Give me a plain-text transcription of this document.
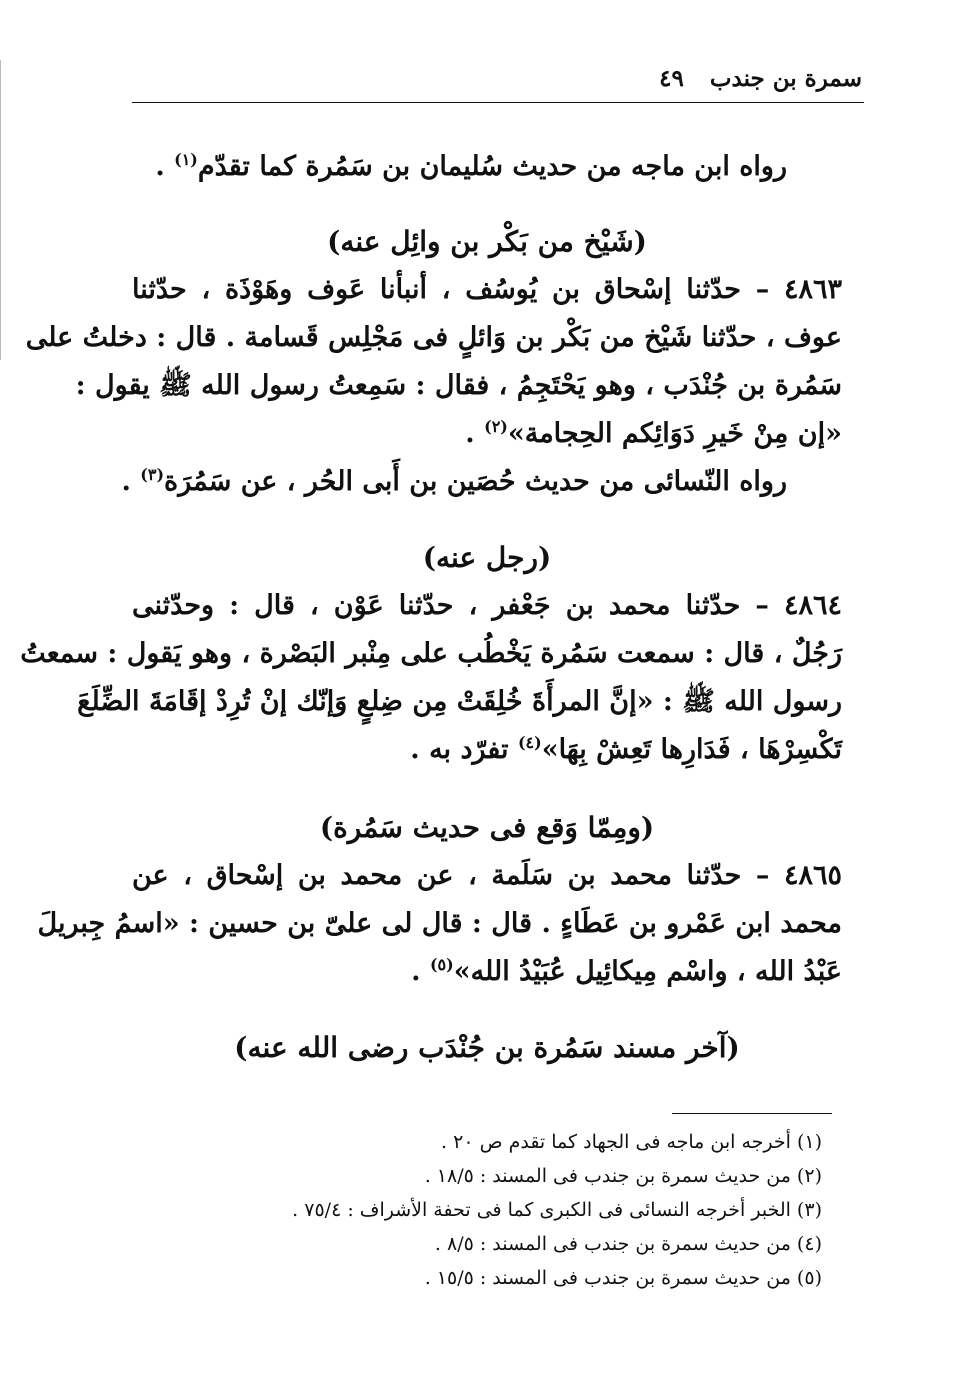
سمرة بن جندب
٤٩
رواه ابن ماجه من حديث سُليمان بن سَمُرة كما تقدّم$^{(١)}$ .
(شَيْخ من بَكْر بن وائِل عنه)
٤٨٦٣ – حدّثنا إسْحاق بن يُوسُف ، أنبأنا عَوف وهَوْذَة ، حدّثنا
عوف ، حدّثنا شَيْخ من بَكْر بن وَائلٍ فى مَجْلِس قَسامة . قال : دخلتُ على
سَمُرة بن جُنْدَب ، وهو يَحْتَجِمُ ، فقال : سَمِعتُ رسول الله ﷺ يقول :
«إن مِنْ خَيرِ دَوَائِكم الحِجامة»$^{(٢)}$ .
رواه النّسائى من حديث حُصَين بن أَبى الحُر ، عن سَمُرَة$^{(٣)}$ .
(رجل عنه)
٤٨٦٤ – حدّثنا محمد بن جَعْفر ، حدّثنا عَوْن ، قال : وحدّثنى
رَجُلٌ ، قال : سمعت سَمُرة يَخْطُب على مِنْبر البَصْرة ، وهو يَقول : سمعتُ
رسول الله ﷺ : «إنَّ المرأَةَ خُلِقَتْ مِن ضِلعٍ وَإنّك إنْ تُرِدْ إقَامَةَ الضِّلَعَ
تَكْسِرْهَا ، فَدَارِها تَعِشْ بِهَا»$^{(٤)}$ تفرّد به .
(ومِمّا وَقع فى حديث سَمُرة)
٤٨٦٥ – حدّثنا محمد بن سَلَمة ، عن محمد بن إسْحاق ، عن
محمد ابن عَمْرو بن عَطَاءٍ . قال : قال لى علىّ بن حسين : «اسمُ جِبريلَ
عَبْدُ الله ، واسْم مِيكائِيل عُبَيْدُ الله»$^{(٥)}$ .
(آخر مسند سَمُرة بن جُنْدَب رضى الله عنه)
(١) أخرجه ابن ماجه فى الجهاد كما تقدم ص ٢٠ .
(٢) من حديث سمرة بن جندب فى المسند : ١٨/٥ .
(٣) الخبر أخرجه النسائى فى الكبرى كما فى تحفة الأشراف : ٧٥/٤ .
(٤) من حديث سمرة بن جندب فى المسند : ٨/٥ .
(٥) من حديث سمرة بن جندب فى المسند : ١٥/٥ .
